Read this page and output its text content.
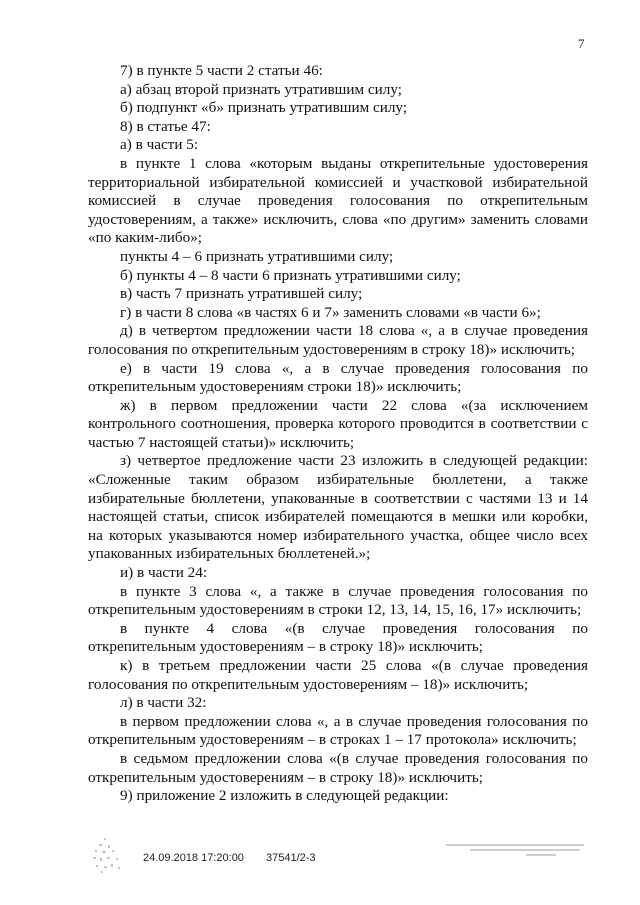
7

7) в пункте 5 части 2 статьи 46:

а) абзац второй признать утратившим силу;

б) подпункт «б» признать утратившим силу;

8) в статье 47:

а) в части 5:

в пункте 1 слова «которым выданы открепительные удостоверения территориальной избирательной комиссией и участковой избирательной комиссией в случае проведения голосования по открепительным удостоверениям, а также» исключить, слова «по другим» заменить словами «по каким-либо»;

пункты 4 – 6 признать утратившими силу;

б) пункты 4 – 8 части 6 признать утратившими силу;

в) часть 7 признать утратившей силу;

г) в части 8 слова «в частях 6 и 7» заменить словами «в части 6»;

д) в четвертом предложении части 18 слова «, а в случае проведения голосования по открепительным удостоверениям в строку 18)» исключить;

е) в части 19 слова «, а в случае проведения голосования по открепительным удостоверениям строки 18)» исключить;

ж) в первом предложении части 22 слова «(за исключением контрольного соотношения, проверка которого проводится в соответствии с частью 7 настоящей статьи)» исключить;

з) четвертое предложение части 23 изложить в следующей редакции: «Сложенные таким образом избирательные бюллетени, а также избирательные бюллетени, упакованные в соответствии с частями 13 и 14 настоящей статьи, список избирателей помещаются в мешки или коробки, на которых указываются номер избирательного участка, общее число всех упакованных избирательных бюллетеней.»;

и) в части 24:

в пункте 3 слова «, а также в случае проведения голосования по открепительным удостоверениям в строки 12, 13, 14, 15, 16, 17» исключить;

в пункте 4 слова «(в случае проведения голосования по открепительным удостоверениям – в строку 18)» исключить;

к) в третьем предложении части 25 слова «(в случае проведения голосования по открепительным удостоверениям – 18)» исключить;

л) в части 32:

в первом предложении слова «, а в случае проведения голосования по открепительным удостоверениям – в строках 1 – 17 протокола» исключить;

в седьмом предложении слова «(в случае проведения голосования по открепительным удостоверениям – в строку 18)» исключить;

9) приложение 2 изложить в следующей редакции:

24.09.2018 17:20:00 37541/2-3
